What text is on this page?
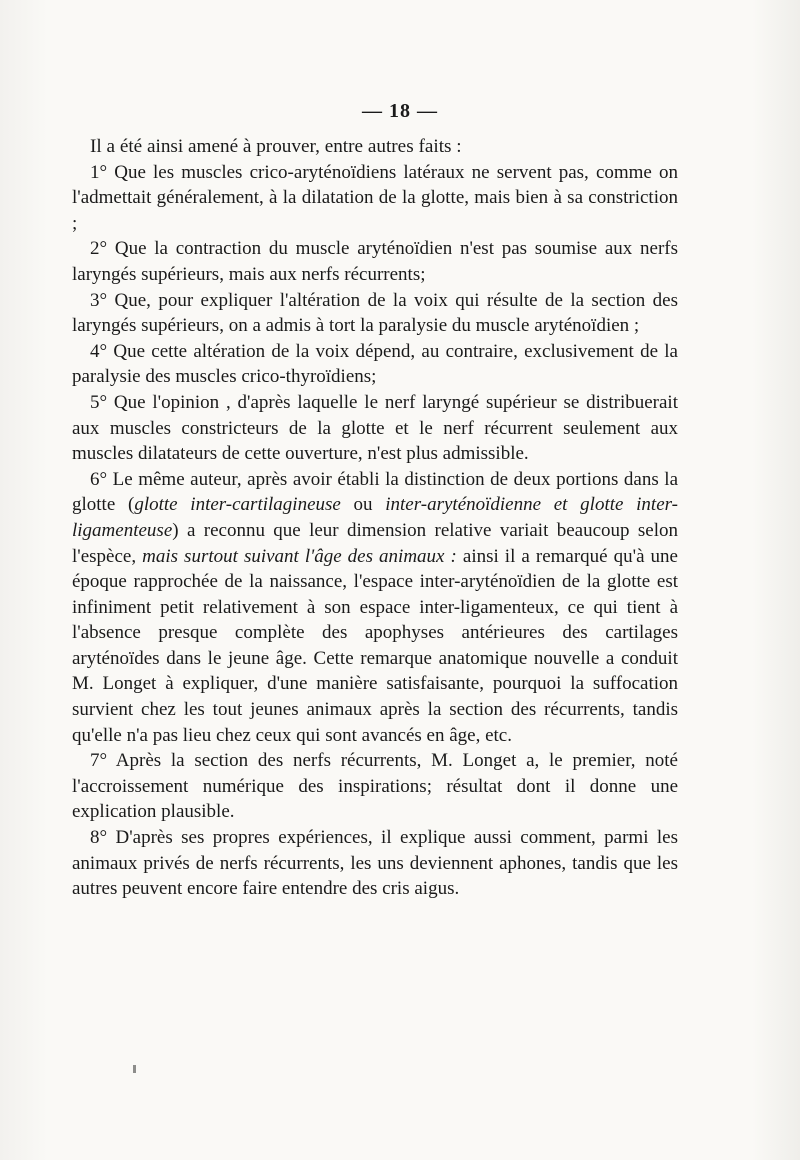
— 18 —

Il a été ainsi amené à prouver, entre autres faits :

1° Que les muscles crico-aryténoïdiens latéraux ne servent pas, comme on l'admettait généralement, à la dilatation de la glotte, mais bien à sa constriction ;

2° Que la contraction du muscle aryténoïdien n'est pas soumise aux nerfs laryngés supérieurs, mais aux nerfs récurrents;

3° Que, pour expliquer l'altération de la voix qui résulte de la section des laryngés supérieurs, on a admis à tort la paralysie du muscle aryténoïdien ;

4° Que cette altération de la voix dépend, au contraire, exclusivement de la paralysie des muscles crico-thyroïdiens;

5° Que l'opinion , d'après laquelle le nerf laryngé supérieur se distribuerait aux muscles constricteurs de la glotte et le nerf récurrent seulement aux muscles dilatateurs de cette ouverture, n'est plus admissible.

6° Le même auteur, après avoir établi la distinction de deux portions dans la glotte (glotte inter-cartilagineuse ou inter-aryténoïdienne et glotte inter-ligamenteuse) a reconnu que leur dimension relative variait beaucoup selon l'espèce, mais surtout suivant l'âge des animaux : ainsi il a remarqué qu'à une époque rapprochée de la naissance, l'espace inter-aryténoïdien de la glotte est infiniment petit relativement à son espace inter-ligamenteux, ce qui tient à l'absence presque complète des apophyses antérieures des cartilages aryténoïdes dans le jeune âge. Cette remarque anatomique nouvelle a conduit M. Longet à expliquer, d'une manière satisfaisante, pourquoi la suffocation survient chez les tout jeunes animaux après la section des récurrents, tandis qu'elle n'a pas lieu chez ceux qui sont avancés en âge, etc.

7° Après la section des nerfs récurrents, M. Longet a, le premier, noté l'accroissement numérique des inspirations; résultat dont il donne une explication plausible.

8° D'après ses propres expériences, il explique aussi comment, parmi les animaux privés de nerfs récurrents, les uns deviennent aphones, tandis que les autres peuvent encore faire entendre des cris aigus.
